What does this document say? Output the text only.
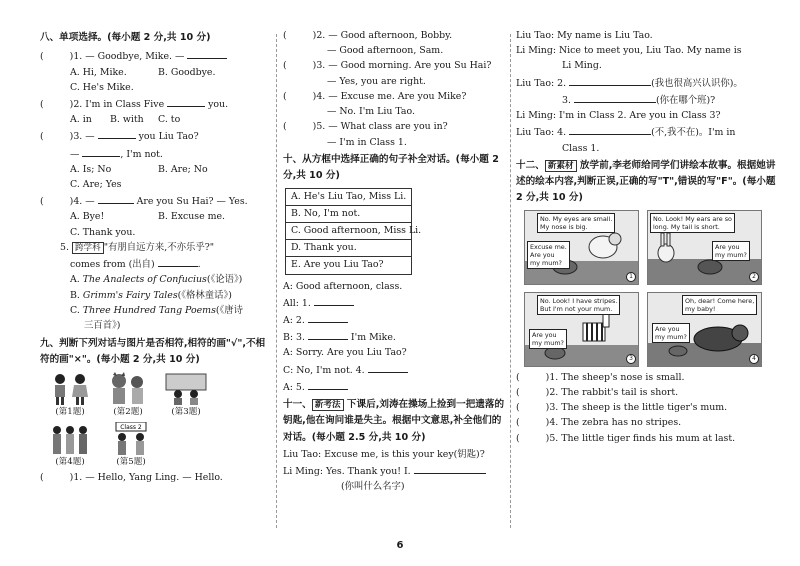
八、单项选择。(每小题 2 分,共 10 分)
(	)1. — Goodbye, Mike. —
A. Hi, Mike.	B. Goodbye.
C. He's Mike.
(	)2. I'm in Class Five	you.
A. in B. with C. to
(	)3. —	you Liu Tao?
—	, I'm not.
A. Is; No	B. Are; No
C. Are; Yes
(	)4. —	Are you Su Hai? — Yes.
A. Bye!	B. Excuse me.
C. Thank you.
5. 跨学科 "有朋自远方来,不亦乐乎?"
comes from (出自)	.
A. The Analects of Confucius(《论语》)
B. Grimm's Fairy Tales(《格林童话》)
C. Three Hundred Tang Poems(《唐诗
三百首》)
九、判断下列对话与图片是否相符,相符的画"√",不相符的画"×"。(每小题 2 分,共 10 分)
(第1题)	(第2题)	(第3题)
(第4题)
Class 2
(第5题)
(	)1. — Hello, Yang Ling. — Hello.
(	)2. — Good afternoon, Bobby.
— Good afternoon, Sam.
(	)3. — Good morning. Are you Su Hai?
— Yes, you are right.
(	)4. — Excuse me. Are you Mike?
— No. I'm Liu Tao.
(	)5. — What class are you in?
— I'm in Class 1.
十、从方框中选择正确的句子补全对话。(每小题 2 分,共 10 分)
A. He's Liu Tao, Miss Li.
B. No, I'm not.
C. Good afternoon, Miss Li.
D. Thank you.
E. Are you Liu Tao?
A: Good afternoon, class.
All: 1.
A: 2.
B: 3.	I'm Mike.
A: Sorry. Are you Liu Tao?
C: No, I'm not. 4.
A: 5.
十一、 新考法 下课后,刘涛在操场上捡到一把遗落的钥匙,他在询问谁是失主。根据中文意思,补全他们的对话。(每小题 2.5 分,共 10 分)
Liu Tao: Excuse me, is this your key(钥匙)?
Li Ming: Yes. Thank you! I.
(你叫什么名字)
Liu Tao: My name is Liu Tao.
Li Ming: Nice to meet you, Liu Tao. My name is
Li Ming.
Liu Tao: 2.	(我也很高兴认识你)。
3.	(你在哪个班)?
Li Ming: I'm in Class 2. Are you in Class 3?
Liu Tao: 4.	(不,我不在)。I'm in
Class 1.
十二、 新素材 放学前,李老师给同学们讲绘本故事。根据她讲述的绘本内容,判断正误,正确的写"T",错误的写"F"。(每小题 2 分,共 10 分)
No. My eyes are small.
My nose is big.
Excuse me.
Are you
my mum?
1
No. Look! My ears are so
long. My tail is short.
Are you
my mum?
2
No. Look! I have stripes.
But I'm not your mum.
Are you
my mum?
3
Oh, dear! Come here,
my baby!
Are you
my mum?
4
(	)1. The sheep's nose is small.
(	)2. The rabbit's tail is short.
(	)3. The sheep is the little tiger's mum.
(	)4. The zebra has no stripes.
(	)5. The little tiger finds his mum at last.
6
